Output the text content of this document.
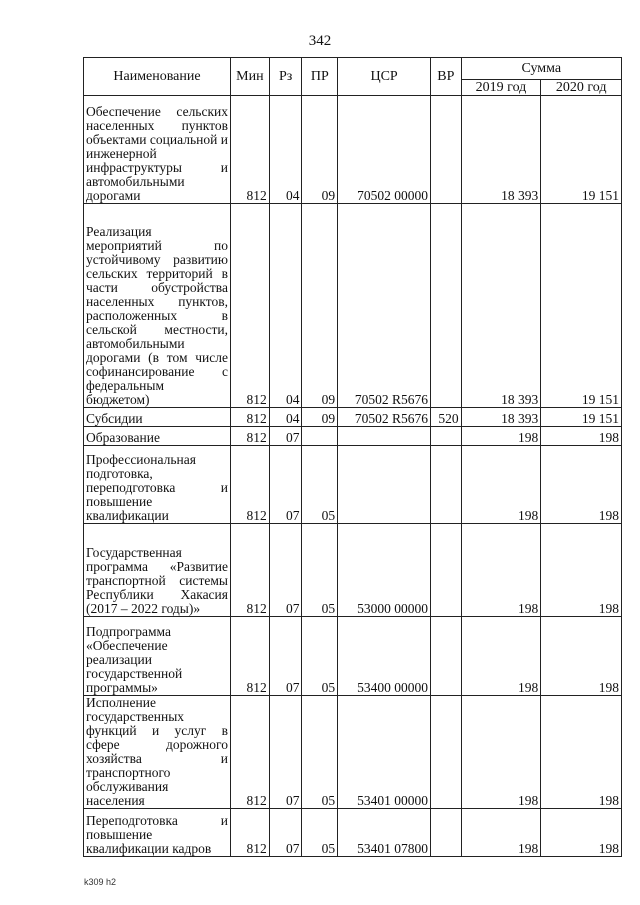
342
Наименование	Мин	Рз	ПР	ЦСР	ВР	Сумма	
						2019 год	2020 год
Обеспечение сельских населенных пунктов объектами социальной и инженерной инфраструктуры и автомобильными дорогами	812	04	09	70502 00000		18 393	19 151
Реализация мероприятий по устойчивому развитию сельских территорий в части обустройства населенных пунктов, расположенных в сельской местности, автомобильными дорогами (в том числе софинансирование с федеральным бюджетом)	812	04	09	70502 R5676		18 393	19 151
Субсидии	812	04	09	70502 R5676	520	18 393	19 151
Образование	812	07				198	198
Профессиональная подготовка, переподготовка и повышение квалификации	812	07	05			198	198
Государственная программа «Развитие транспортной системы Республики Хакасия (2017 – 2022 годы)»	812	07	05	53000 00000		198	198
Подпрограмма «Обеспечение реализации государственной программы»	812	07	05	53400 00000		198	198
Исполнение государственных функций и услуг в сфере дорожного хозяйства и транспортного обслуживания населения	812	07	05	53401 00000		198	198
Переподготовка и повышение квалификации кадров	812	07	05	53401 07800		198	198
k309 h2
